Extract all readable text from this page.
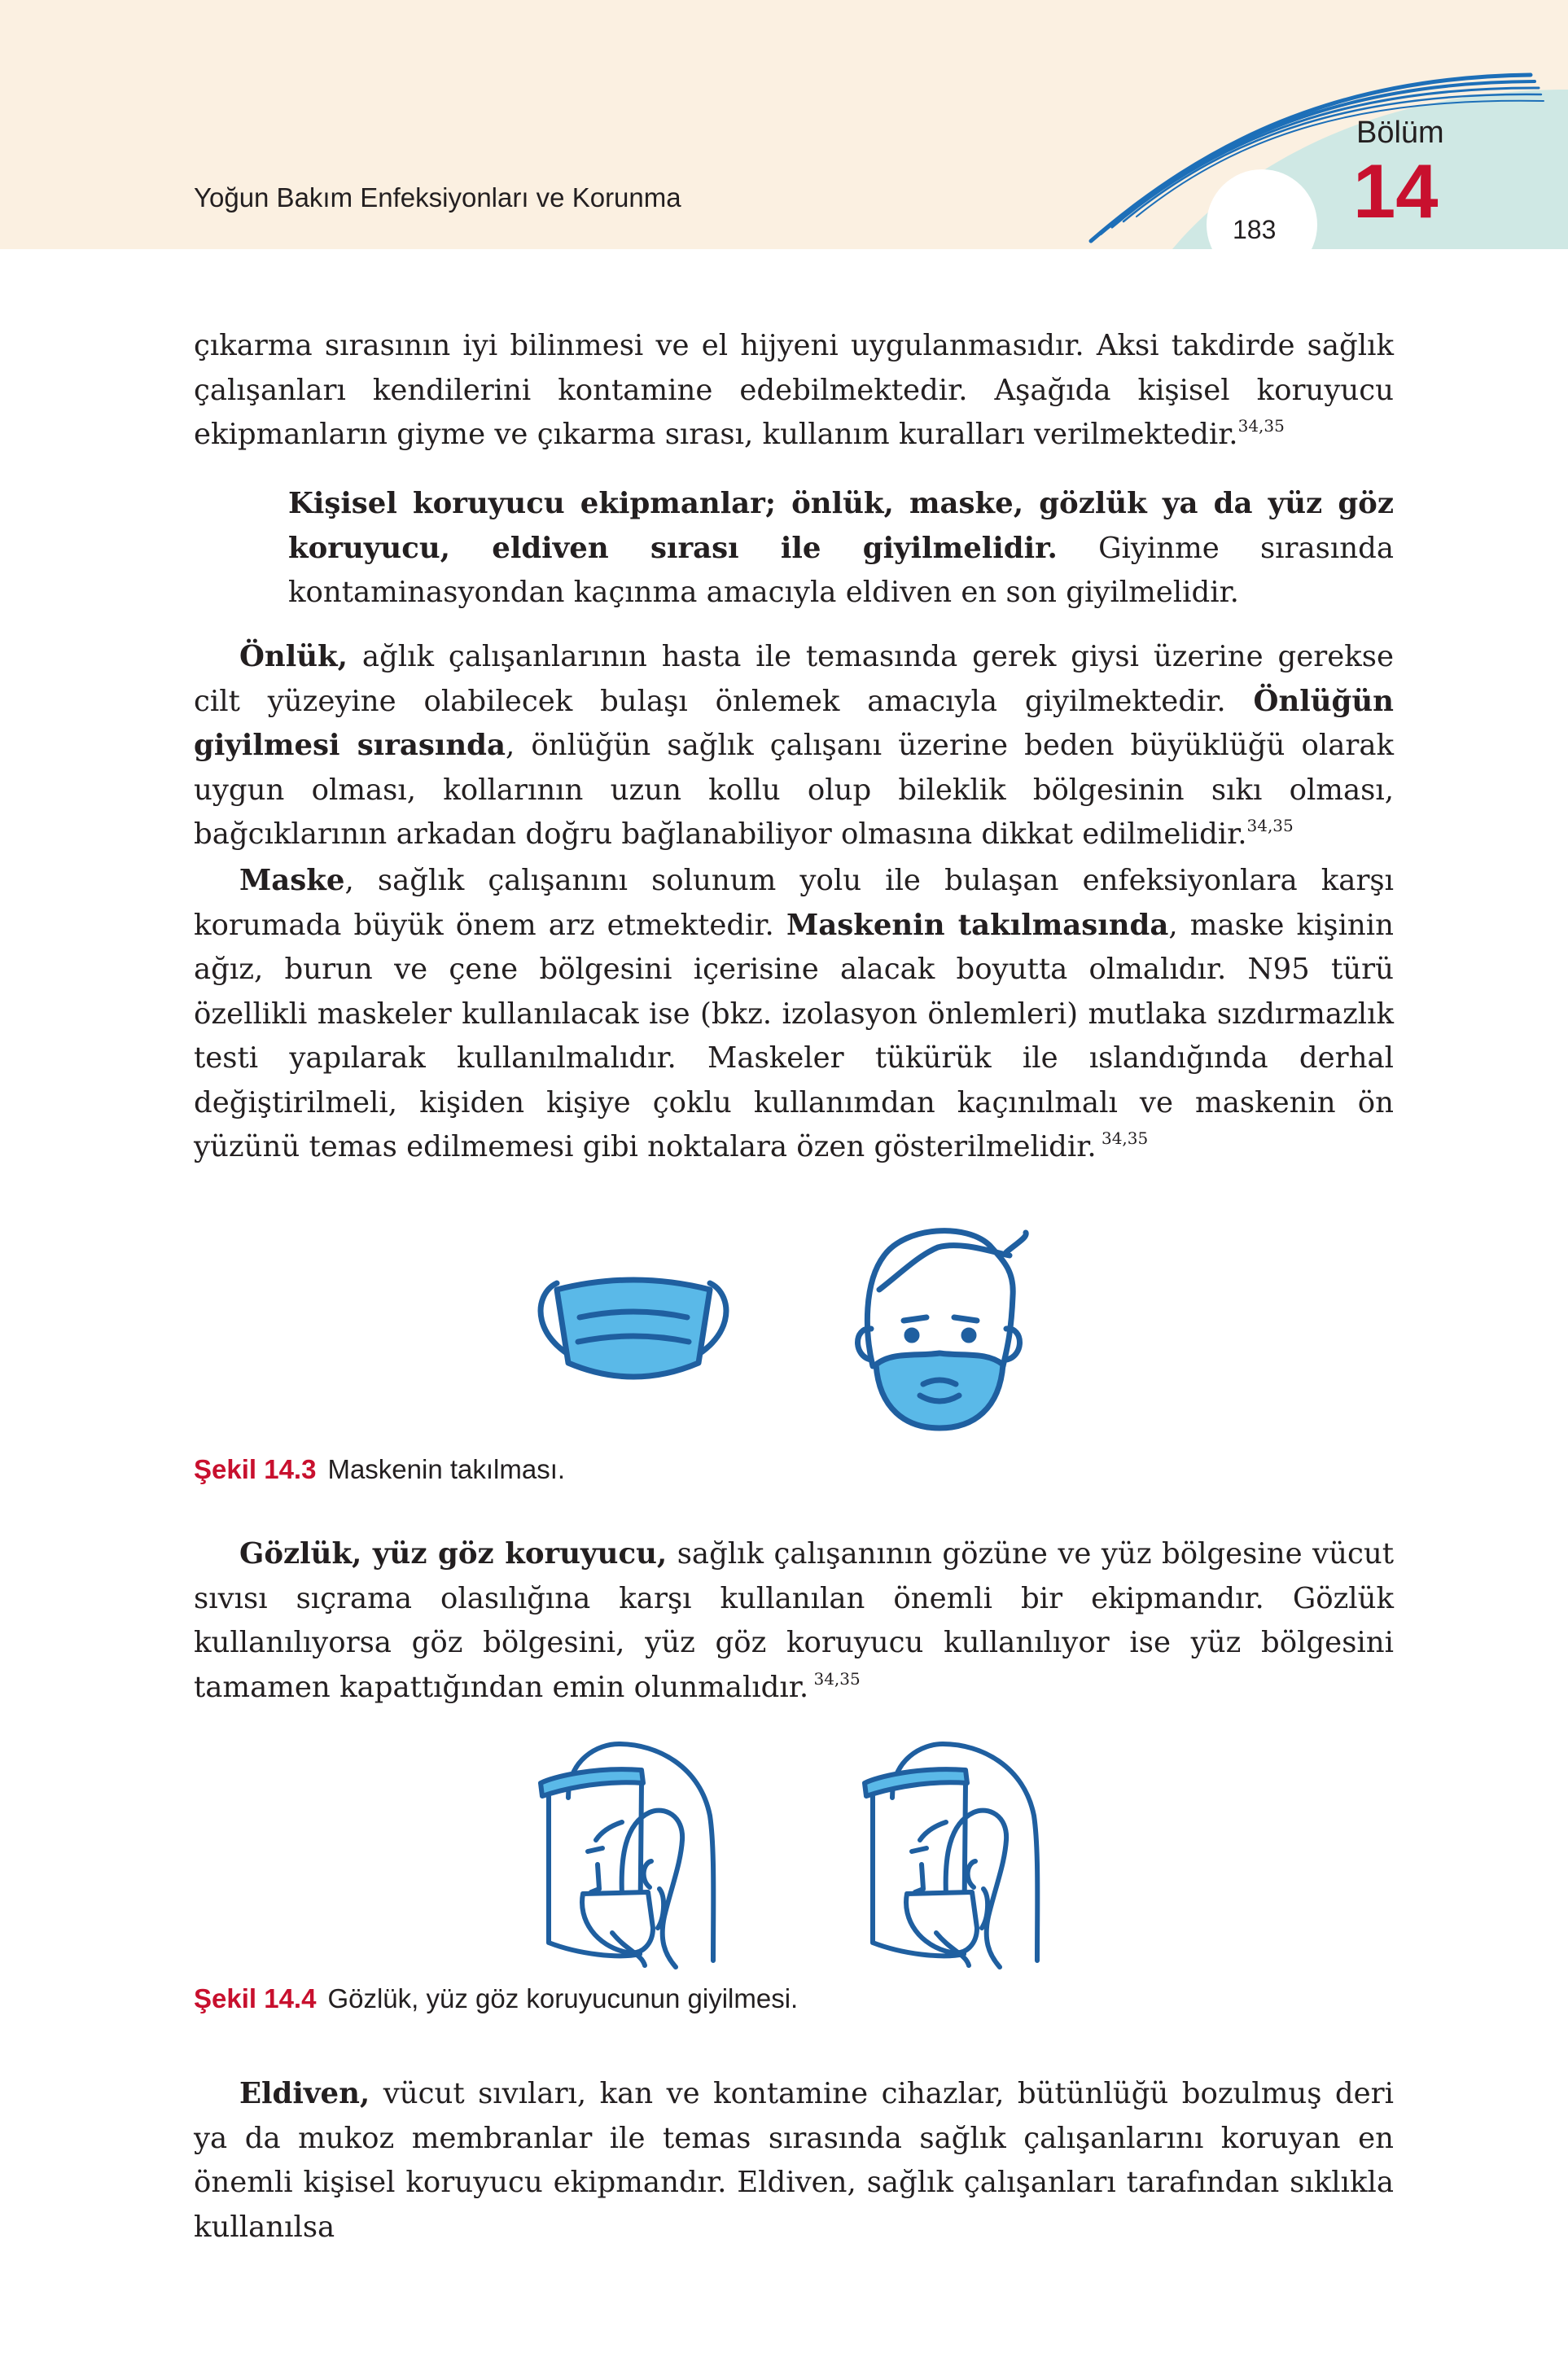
Yoğun Bakım Enfeksiyonları ve Korunma
183
Bölüm
14

çıkarma sırasının iyi bilinmesi ve el hijyeni uygulanmasıdır. Aksi takdirde sağlık çalışanları kendilerini kontamine edebilmektedir. Aşağıda kişisel koruyucu ekipmanların giyme ve çıkarma sırası, kullanım kuralları verilmektedir.$^{34,35}$

Kişisel koruyucu ekipmanlar; önlük, maske, gözlük ya da yüz göz koruyucu, eldiven sırası ile giyilmelidir. Giyinme sırasında kontaminasyondan kaçınma amacıyla eldiven en son giyilmelidir.

Önlük, ağlık çalışanlarının hasta ile temasında gerek giysi üzerine gerekse cilt yüzeyine olabilecek bulaşı önlemek amacıyla giyilmektedir. Önlüğün giyilmesi sırasında, önlüğün sağlık çalışanı üzerine beden büyüklüğü olarak uygun olması, kollarının uzun kollu olup bileklik bölgesinin sıkı olması, bağcıklarının arkadan doğru bağlanabiliyor olmasına dikkat edilmelidir.$^{34,35}$

Maske, sağlık çalışanını solunum yolu ile bulaşan enfeksiyonlara karşı korumada büyük önem arz etmektedir. Maskenin takılmasında, maske kişinin ağız, burun ve çene bölgesini içerisine alacak boyutta olmalıdır. N95 türü özellikli maskeler kullanılacak ise (bkz. izolasyon önlemleri) mutlaka sızdırmazlık testi yapılarak kullanılmalıdır. Maskeler tükürük ile ıslandığında derhal değiştirilmeli, kişiden kişiye çoklu kullanımdan kaçınılmalı ve maskenin ön yüzünü temas edilmemesi gibi noktalara özen gösterilmelidir. $^{34,35}$

Şekil 14.3 Maskenin takılması.

Gözlük, yüz göz koruyucu, sağlık çalışanının gözüne ve yüz bölgesine vücut sıvısı sıçrama olasılığına karşı kullanılan önemli bir ekipmandır. Gözlük kullanılıyorsa göz bölgesini, yüz göz koruyucu kullanılıyor ise yüz bölgesini tamamen kapattığından emin olunmalıdır. $^{34,35}$

Şekil 14.4 Gözlük, yüz göz koruyucunun giyilmesi.

Eldiven, vücut sıvıları, kan ve kontamine cihazlar, bütünlüğü bozulmuş deri ya da mukoz membranlar ile temas sırasında sağlık çalışanlarını koruyan en önemli kişisel koruyucu ekipmandır. Eldiven, sağlık çalışanları tarafından sıklıkla kullanılsa
